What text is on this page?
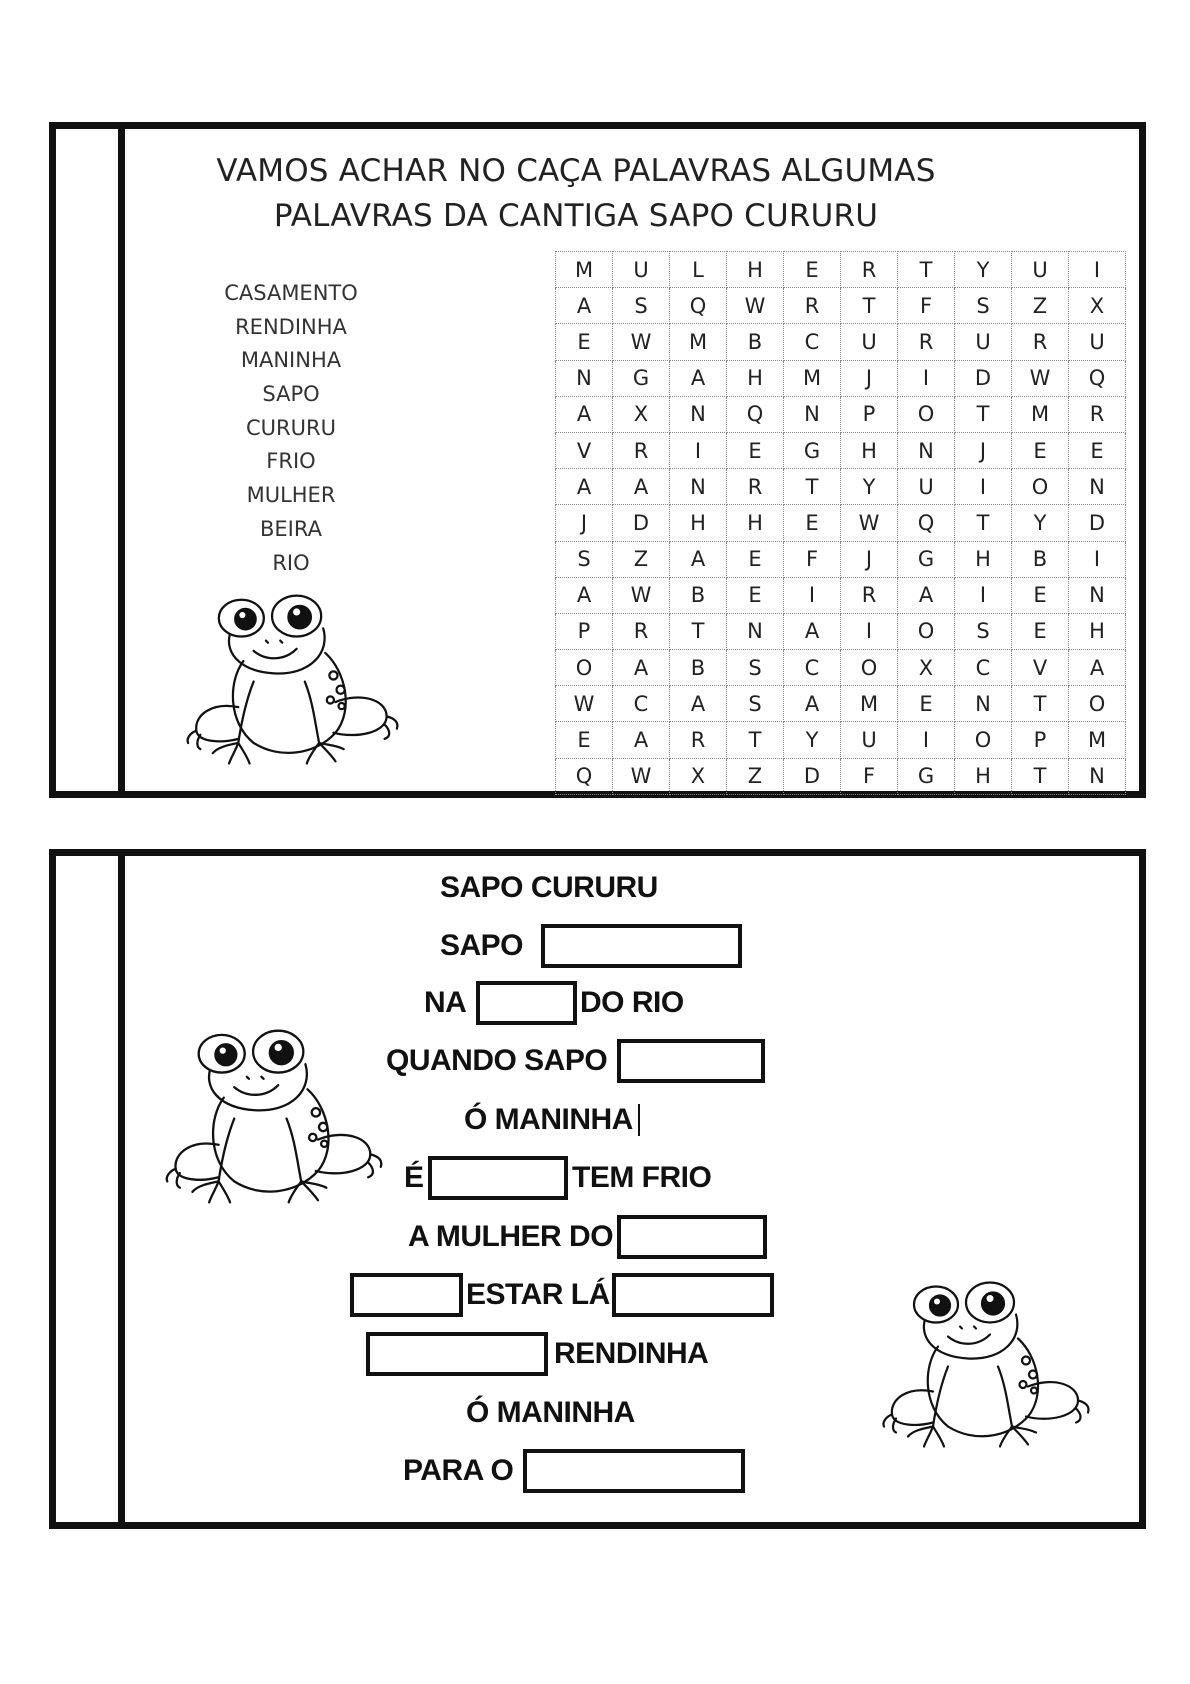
VAMOS ACHAR NO CAÇA PALAVRAS ALGUMAS
PALAVRAS DA CANTIGA SAPO CURURU
CASAMENTO
RENDINHA
MANINHA
SAPO
CURURU
FRIO
MULHER
BEIRA
RIO
M	U	L	H	E	R	T	Y	U	I
A	S	Q	W	R	T	F	S	Z	X
E	W	M	B	C	U	R	U	R	U
N	G	A	H	M	J	I	D	W	Q
A	X	N	Q	N	P	O	T	M	R
V	R	I	E	G	H	N	J	E	E
A	A	N	R	T	Y	U	I	O	N
J	D	H	H	E	W	Q	T	Y	D
S	Z	A	E	F	J	G	H	B	I
A	W	B	E	I	R	A	I	E	N
P	R	T	N	A	I	O	S	E	H
O	A	B	S	C	O	X	C	V	A
W	C	A	S	A	M	E	N	T	O
E	A	R	T	Y	U	I	O	P	M
Q	W	X	Z	D	F	G	H	T	N
SAPO CURURU
SAPO
NA	DO RIO
QUANDO SAPO
Ó MANINHA
É	TEM FRIO
A MULHER DO
ESTAR LÁ
RENDINHA
Ó MANINHA
PARA O
